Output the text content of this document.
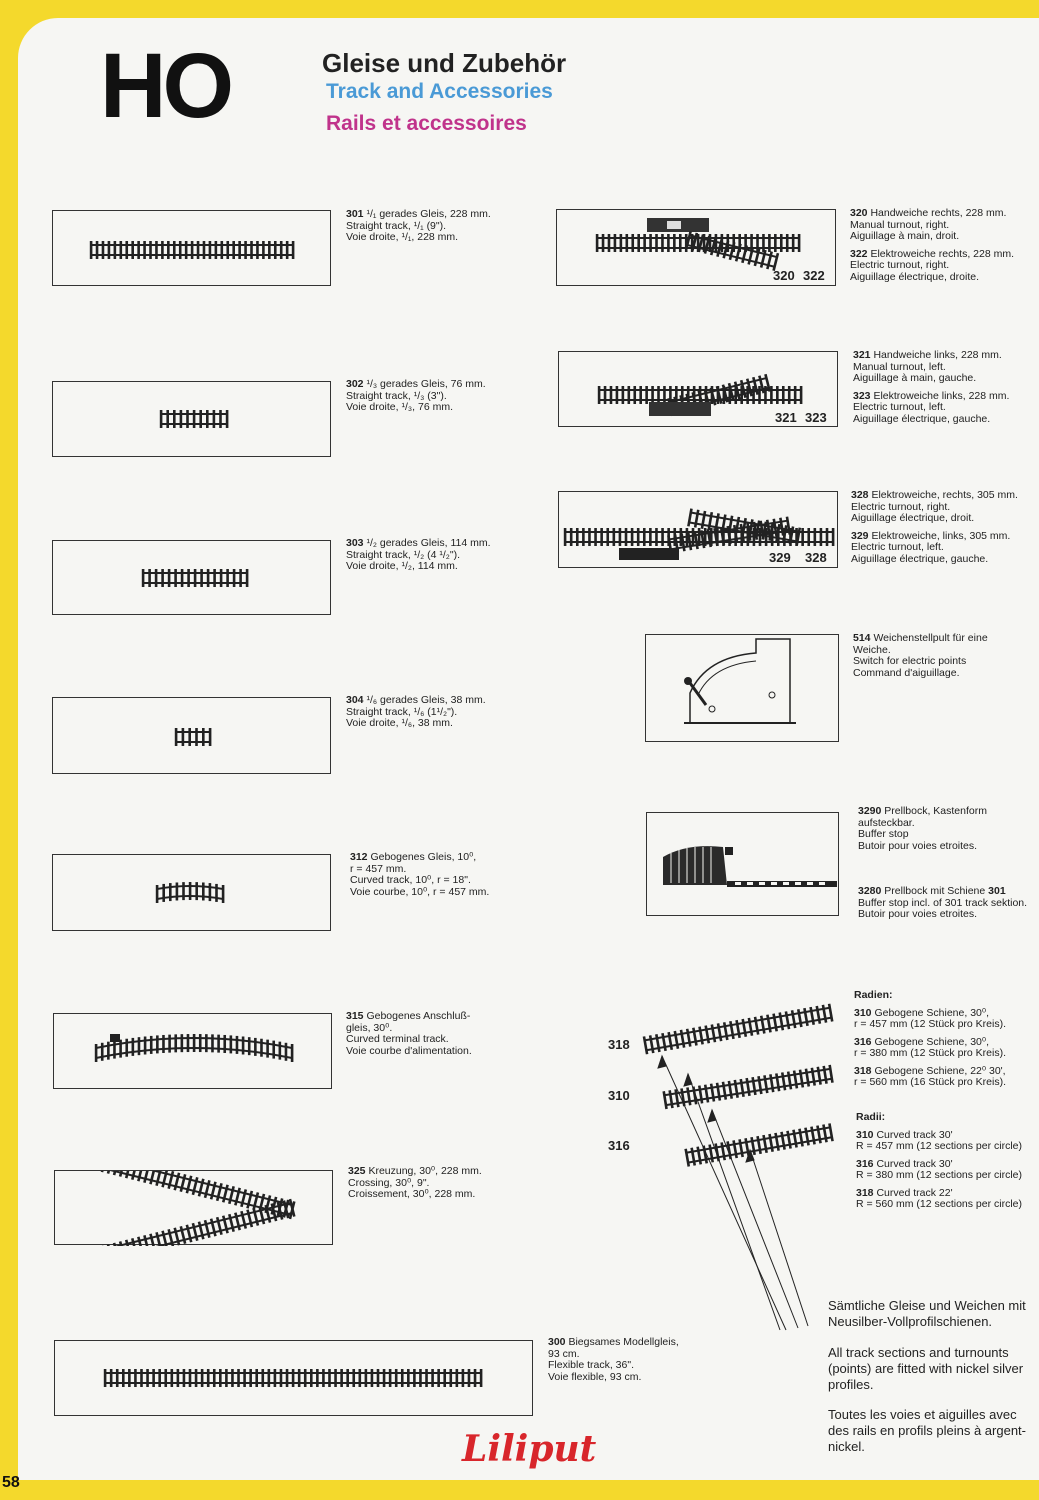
HO	Gleise und Zubehör
Track and Accessories
Rails et accessoires
301 ¹/₁ gerades Gleis, 228 mm.
Straight track, ¹/₁ (9").
Voie droite, ¹/₁, 228 mm.
302 ¹/₃ gerades Gleis, 76 mm.
Straight track, ¹/₃ (3").
Voie droite, ¹/₃, 76 mm.
303 ¹/₂ gerades Gleis, 114 mm.
Straight track, ¹/₂ (4 ¹/₂").
Voie droite, ¹/₂, 114 mm.
304 ¹/₆ gerades Gleis, 38 mm.
Straight track, ¹/₆ (1¹/₂").
Voie droite, ¹/₆, 38 mm.
312 Gebogenes Gleis, 10⁰,
r = 457 mm.
Curved track, 10⁰, r = 18".
Voie courbe, 10⁰, r = 457 mm.
315 Gebogenes Anschluß-
gleis, 30⁰.
Curved terminal track.
Voie courbe d'alimentation.
325 Kreuzung, 30⁰, 228 mm.
Crossing, 30⁰, 9".
Croissement, 30⁰, 228 mm.
300 Biegsames Modellgleis,
93 cm.
Flexible track, 36".
Voie flexible, 93 cm.
320 322
320 Handweiche rechts, 228 mm.
Manual turnout, right.
Aiguillage à main, droit.
322 Elektroweiche rechts, 228 mm.
Electric turnout, right.
Aiguillage électrique, droite.
321 323
321 Handweiche links, 228 mm.
Manual turnout, left.
Aiguillage à main, gauche.
323 Elektroweiche links, 228 mm.
Electric turnout, left.
Aiguillage électrique, gauche.
329 328
328 Elektroweiche, rechts, 305 mm.
Electric turnout, right.
Aiguillage électrique, droit.
329 Elektroweiche, links, 305 mm.
Electric turnout, left.
Aiguillage électrique, gauche.
514 Weichenstellpult für eine
Weiche.
Switch for electric points
Command d'aiguillage.
3290 Prellbock, Kastenform
aufsteckbar.
Buffer stop
Butoir pour voies etroites.
3280 Prellbock mit Schiene 301
Buffer stop incl. of 301 track sektion.
Butoir pour voies etroites.
318
310
316
Radien:
310 Gebogene Schiene, 30⁰,
r = 457 mm (12 Stück pro Kreis).
316 Gebogene Schiene, 30⁰,
r = 380 mm (12 Stück pro Kreis).
318 Gebogene Schiene, 22⁰ 30',
r = 560 mm (16 Stück pro Kreis).
Radii:
310 Curved track 30'
R = 457 mm (12 sections per circle)
316 Curved track 30'
R = 380 mm (12 sections per circle)
318 Curved track 22'
R = 560 mm (12 sections per circle)
Sämtliche Gleise und Weichen mit Neusilber-Vollprofilschienen.
All track sections and turnounts (points) are fitted with nickel silver profiles.
Toutes les voies et aiguilles avec des rails en profils pleins à argent-nickel.
Liliput
58
